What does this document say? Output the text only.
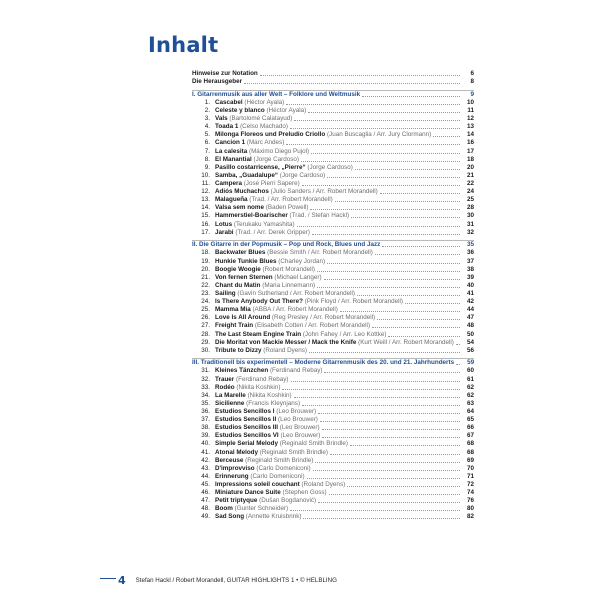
Inhalt
Hinweise zur Notation	6
Die Herausgeber	8
I. Gitarrenmusik aus aller Welt – Folklore und Weltmusik	9
1. Cascabel (Héctor Ayala)	10
2. Celeste y blanco (Héctor Ayala)	11
3. Vals (Bartolomé Calatayud)	12
4. Toada 1 (Celso Machado)	13
5. Milonga Floreos und Preludio Criollo (Juan Buscaglia / Arr. Jury Clormann)	14
6. Cancion 1 (Marc Andes)	16
7. La calesita (Máximo Diego Pujol)	17
8. El Manantial (Jorge Cardoso)	18
9. Pasillo costarricense, „Pierre“ (Jorge Cardoso)	20
10. Samba, „Guadalupe“ (Jorge Cardoso)	21
11. Campera (José Pierri Sapere)	22
12. Adiós Muchachos (Julio Sanders / Arr. Robert Morandell)	24
13. Malagueña (Trad. / Arr. Robert Morandell)	25
14. Valsa sem nome (Baden Powell)	28
15. Hammerstiel-Boarischer (Trad. / Stefan Hackl)	30
16. Lotus (Terukaku Yamashita)	31
17. Jarabi (Trad. / Arr. Derek Gripper)	32
II. Die Gitarre in der Popmusik – Pop und Rock, Blues und Jazz	35
18. Backwater Blues (Bessie Smith / Arr. Robert Morandell)	36
19. Hunkie Tunkie Blues (Charley Jordan)	37
20. Boogie Woogie (Robert Morandell)	38
21. Von fernen Sternen (Michael Langer)	39
22. Chant du Matin (Maria Linnemann)	40
23. Sailing (Gavin Sutherland / Arr. Robert Morandell)	41
24. Is There Anybody Out There? (Pink Floyd / Arr. Robert Morandell)	42
25. Mamma Mia (ABBA / Arr. Robert Morandell)	44
26. Love Is All Around (Reg Presley / Arr. Robert Morandell)	47
27. Freight Train (Elisabeth Cotten / Arr. Robert Morandell)	48
28. The Last Steam Engine Train (John Fahey / Arr. Leo Kottke)	50
29. Die Moritat von Mackie Messer / Mack the Knife (Kurt Weill / Arr. Robert Morandell)	54
30. Tribute to Dizzy (Roland Dyens)	56
III. Traditionell bis experimentell – Moderne Gitarrenmusik des 20. und 21. Jahrhunderts	59
31. Kleines Tänzchen (Ferdinand Rebay)	60
32. Trauer (Ferdinand Rebay)	61
33. Rodéo (Nikita Koshkin)	62
34. La Marelle (Nikita Koshkin)	62
35. Sicilienne (Francis Kleynjans)	63
36. Estudios Sencillos I (Leo Brouwer)	64
37. Estudios Sencillos II (Leo Brouwer)	65
38. Estudios Sencillos III (Leo Brouwer)	66
39. Estudios Sencillos VI (Leo Brouwer)	67
40. Simple Serial Melody (Reginald Smith Brindle)	68
41. Atonal Melody (Reginald Smith Brindle)	68
42. Berceuse (Reginald Smith Brindle)	69
43. D'improvviso (Carlo Domeniconi)	70
44. Erinnerung (Carlo Domeniconi)	71
45. Impressions soleil couchant (Roland Dyens)	72
46. Miniature Dance Suite (Stephen Goss)	74
47. Petit triptyque (Dušan Bogdanović)	76
48. Boom (Gunter Schneider)	80
49. Sad Song (Annette Kruisbrink)	82
4 Stefan Hackl / Robert Morandell, GUITAR HIGHLIGHTS 1 • © HELBLING
